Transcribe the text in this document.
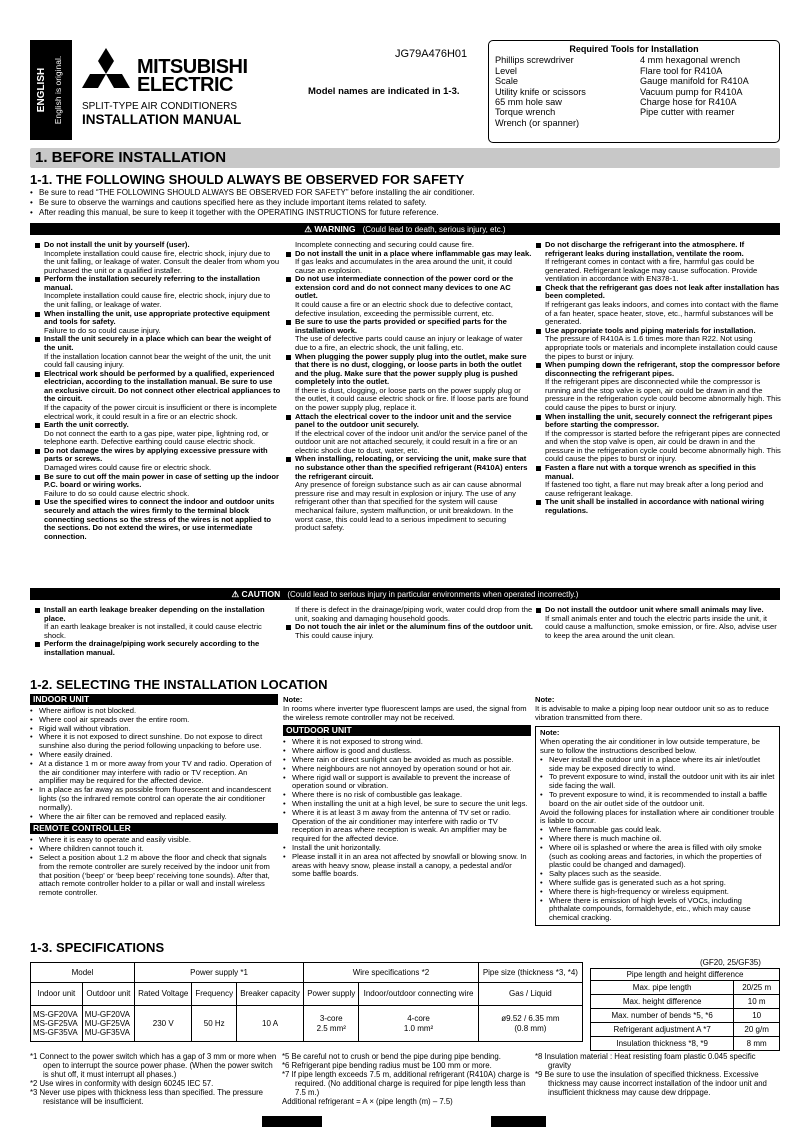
ENGLISH English is original.	MITSUBISHI
ELECTRIC
SPLIT-TYPE AIR CONDITIONERS
INSTALLATION MANUAL
JG79A476H01
Model names are indicated in 1-3.
Required Tools for Installation
Phillips screwdriver
Level
Scale
Utility knife or scissors
65 mm hole saw
Torque wrench
Wrench (or spanner)
4 mm hexagonal wrench
Flare tool for R410A
Gauge manifold for R410A
Vacuum pump for R410A
Charge hose for R410A
Pipe cutter with reamer
1. BEFORE INSTALLATION
1-1. THE FOLLOWING SHOULD ALWAYS BE OBSERVED FOR SAFETY
• Be sure to read “THE FOLLOWING SHOULD ALWAYS BE OBSERVED FOR SAFETY” before installing the air conditioner.
• Be sure to observe the warnings and cautions specified here as they include important items related to safety.
• After reading this manual, be sure to keep it together with the OPERATING INSTRUCTIONS for future reference.
⚠ WARNING (Could lead to death, serious injury, etc.)
Do not install the unit by yourself (user).
Incomplete installation could cause fire, electric shock, injury due to the unit falling, or leakage of water. Consult the dealer from whom you purchased the unit or a qualified installer.
Perform the installation securely referring to the installation manual.
Incomplete installation could cause fire, electric shock, injury due to the unit falling, or leakage of water.
When installing the unit, use appropriate protective equipment and tools for safety.
Failure to do so could cause injury.
Install the unit securely in a place which can bear the weight of the unit.
If the installation location cannot bear the weight of the unit, the unit could fall causing injury.
Electrical work should be performed by a qualified, experienced electrician, according to the installation manual. Be sure to use an exclusive circuit. Do not connect other electrical appliances to the circuit.
If the capacity of the power circuit is insufficient or there is incomplete electrical work, it could result in a fire or an electric shock.
Earth the unit correctly.
Do not connect the earth to a gas pipe, water pipe, lightning rod, or telephone earth. Defective earthing could cause electric shock.
Do not damage the wires by applying excessive pressure with parts or screws.
Damaged wires could cause fire or electric shock.
Be sure to cut off the main power in case of setting up the indoor P.C. board or wiring works.
Failure to do so could cause electric shock.
Use the specified wires to connect the indoor and outdoor units securely and attach the wires firmly to the terminal block connecting sections so the stress of the wires is not applied to the sections. Do not extend the wires, or use intermediate connection.
Incomplete connecting and securing could cause fire.
Do not install the unit in a place where inflammable gas may leak.
If gas leaks and accumulates in the area around the unit, it could cause an explosion.
Do not use intermediate connection of the power cord or the extension cord and do not connect many devices to one AC outlet.
It could cause a fire or an electric shock due to defective contact, defective insulation, exceeding the permissible current, etc.
Be sure to use the parts provided or specified parts for the installation work.
The use of defective parts could cause an injury or leakage of water due to a fire, an electric shock, the unit falling, etc.
When plugging the power supply plug into the outlet, make sure that there is no dust, clogging, or loose parts in both the outlet and the plug. Make sure that the power supply plug is pushed completely into the outlet.
If there is dust, clogging, or loose parts on the power supply plug or the outlet, it could cause electric shock or fire. If loose parts are found on the power supply plug, replace it.
Attach the electrical cover to the indoor unit and the service panel to the outdoor unit securely.
If the electrical cover of the indoor unit and/or the service panel of the outdoor unit are not attached securely, it could result in a fire or an electric shock due to dust, water, etc.
When installing, relocating, or servicing the unit, make sure that no substance other than the specified refrigerant (R410A) enters the refrigerant circuit.
Any presence of foreign substance such as air can cause abnormal pressure rise and may result in explosion or injury. The use of any refrigerant other than that specified for the system will cause mechanical failure, system malfunction, or unit breakdown. In the worst case, this could lead to a serious impediment to securing product safety.
Do not discharge the refrigerant into the atmosphere. If refrigerant leaks during installation, ventilate the room.
If refrigerant comes in contact with a fire, harmful gas could be generated. Refrigerant leakage may cause suffocation. Provide ventilation in accordance with EN378-1.
Check that the refrigerant gas does not leak after installation has been completed.
If refrigerant gas leaks indoors, and comes into contact with the flame of a fan heater, space heater, stove, etc., harmful substances will be generated.
Use appropriate tools and piping materials for installation.
The pressure of R410A is 1.6 times more than R22. Not using appropriate tools or materials and incomplete installation could cause the pipes to burst or injury.
When pumping down the refrigerant, stop the compressor before disconnecting the refrigerant pipes.
If the refrigerant pipes are disconnected while the compressor is running and the stop valve is open, air could be drawn in and the pressure in the refrigeration cycle could become abnormally high. This could cause the pipes to burst or injury.
When installing the unit, securely connect the refrigerant pipes before starting the compressor.
If the compressor is started before the refrigerant pipes are connected and when the stop valve is open, air could be drawn in and the pressure in the refrigeration cycle could become abnormally high. This could cause the pipes to burst or injury.
Fasten a flare nut with a torque wrench as specified in this manual.
If fastened too tight, a flare nut may break after a long period and cause refrigerant leakage.
The unit shall be installed in accordance with national wiring regulations.
⚠ CAUTION (Could lead to serious injury in particular environments when operated incorrectly.)
Install an earth leakage breaker depending on the installation place.
If an earth leakage breaker is not installed, it could cause electric shock.
Perform the drainage/piping work securely according to the installation manual.
If there is defect in the drainage/piping work, water could drop from the unit, soaking and damaging household goods.
Do not touch the air inlet or the aluminum fins of the outdoor unit.
This could cause injury.
Do not install the outdoor unit where small animals may live.
If small animals enter and touch the electric parts inside the unit, it could cause a malfunction, smoke emission, or fire. Also, advise user to keep the area around the unit clean.
1-2. SELECTING THE INSTALLATION LOCATION
INDOOR UNIT
• Where airflow is not blocked.
• Where cool air spreads over the entire room.
• Rigid wall without vibration.
• Where it is not exposed to direct sunshine. Do not expose to direct sunshine also during the period following unpacking to before use.
• Where easily drained.
• At a distance 1 m or more away from your TV and radio. Operation of the air conditioner may interfere with radio or TV reception. An amplifier may be required for the affected device.
• In a place as far away as possible from fluorescent and incandescent lights (so the infrared remote control can operate the air conditioner normally).
• Where the air filter can be removed and replaced easily.
REMOTE CONTROLLER
• Where it is easy to operate and easily visible.
• Where children cannot touch it.
• Select a position about 1.2 m above the floor and check that signals from the remote controller are surely received by the indoor unit from that position (‘beep’ or ‘beep beep’ receiving tone sounds). After that, attach remote controller holder to a pillar or wall and install wireless remote controller.
Note:
In rooms where inverter type fluorescent lamps are used, the signal from the wireless remote controller may not be received.
OUTDOOR UNIT
• Where it is not exposed to strong wind.
• Where airflow is good and dustless.
• Where rain or direct sunlight can be avoided as much as possible.
• Where neighbours are not annoyed by operation sound or hot air.
• Where rigid wall or support is available to prevent the increase of operation sound or vibration.
• Where there is no risk of combustible gas leakage.
• When installing the unit at a high level, be sure to secure the unit legs.
• Where it is at least 3 m away from the antenna of TV set or radio. Operation of the air conditioner may interfere with radio or TV reception in areas where reception is weak. An amplifier may be required for the affected device.
• Install the unit horizontally.
• Please install it in an area not affected by snowfall or blowing snow. In areas with heavy snow, please install a canopy, a pedestal and/or some baffle boards.
Note:
It is advisable to make a piping loop near outdoor unit so as to reduce vibration transmitted from there.
Note:
When operating the air conditioner in low outside temperature, be sure to follow the instructions described below.
• Never install the outdoor unit in a place where its air inlet/outlet side may be exposed directly to wind.
• To prevent exposure to wind, install the outdoor unit with its air inlet side facing the wall.
• To prevent exposure to wind, it is recommended to install a baffle board on the air outlet side of the outdoor unit.
Avoid the following places for installation where air conditioner trouble is liable to occur.
• Where flammable gas could leak.
• Where there is much machine oil.
• Where oil is splashed or where the area is filled with oily smoke (such as cooking areas and factories, in which the properties of plastic could be changed and damaged).
• Salty places such as the seaside.
• Where sulfide gas is generated such as a hot spring.
• Where there is high-frequency or wireless equipment.
• Where there is emission of high levels of VOCs, including phthalate compounds, formaldehyde, etc., which may cause chemical cracking.
1-3. SPECIFICATIONS
Model		Power supply *1			Wire specifications *2		Pipe size (thickness *3, *4)
Indoor unit	Outdoor unit	Rated Voltage	Frequency	Breaker capacity	Power supply	Indoor/outdoor connecting wire	Gas / Liquid
MS-GF20VA
MS-GF25VA
MS-GF35VA	MU-GF20VA
MU-GF25VA
MU-GF35VA	230 V	50 Hz	10 A	3-core
2.5 mm²	4-core
1.0 mm²	ø9.52 / 6.35 mm
(0.8 mm)
(GF20, 25/GF35)
Pipe length and height difference	
Max. pipe length	20/25 m
Max. height difference	10 m
Max. number of bends *5, *6	10
Refrigerant adjustment A *7	20 g/m
Insulation thickness *8, *9	8 mm
*1 Connect to the power switch which has a gap of 3 mm or more when open to interrupt the source power phase. (When the power switch is shut off, it must interrupt all phases.)
*2 Use wires in conformity with design 60245 IEC 57.
*3 Never use pipes with thickness less than specified. The pressure resistance will be insufficient.
*5 Be careful not to crush or bend the pipe during pipe bending.
*6 Refrigerant pipe bending radius must be 100 mm or more.
*7 If pipe length exceeds 7.5 m, additional refrigerant (R410A) charge is required. (No additional charge is required for pipe length less than 7.5 m.)
Additional refrigerant = A × (pipe length (m) – 7.5)
*8 Insulation material : Heat resisting foam plastic 0.045 specific gravity
*9 Be sure to use the insulation of specified thickness. Excessive thickness may cause incorrect installation of the indoor unit and insufficient thickness may cause dew drippage.
